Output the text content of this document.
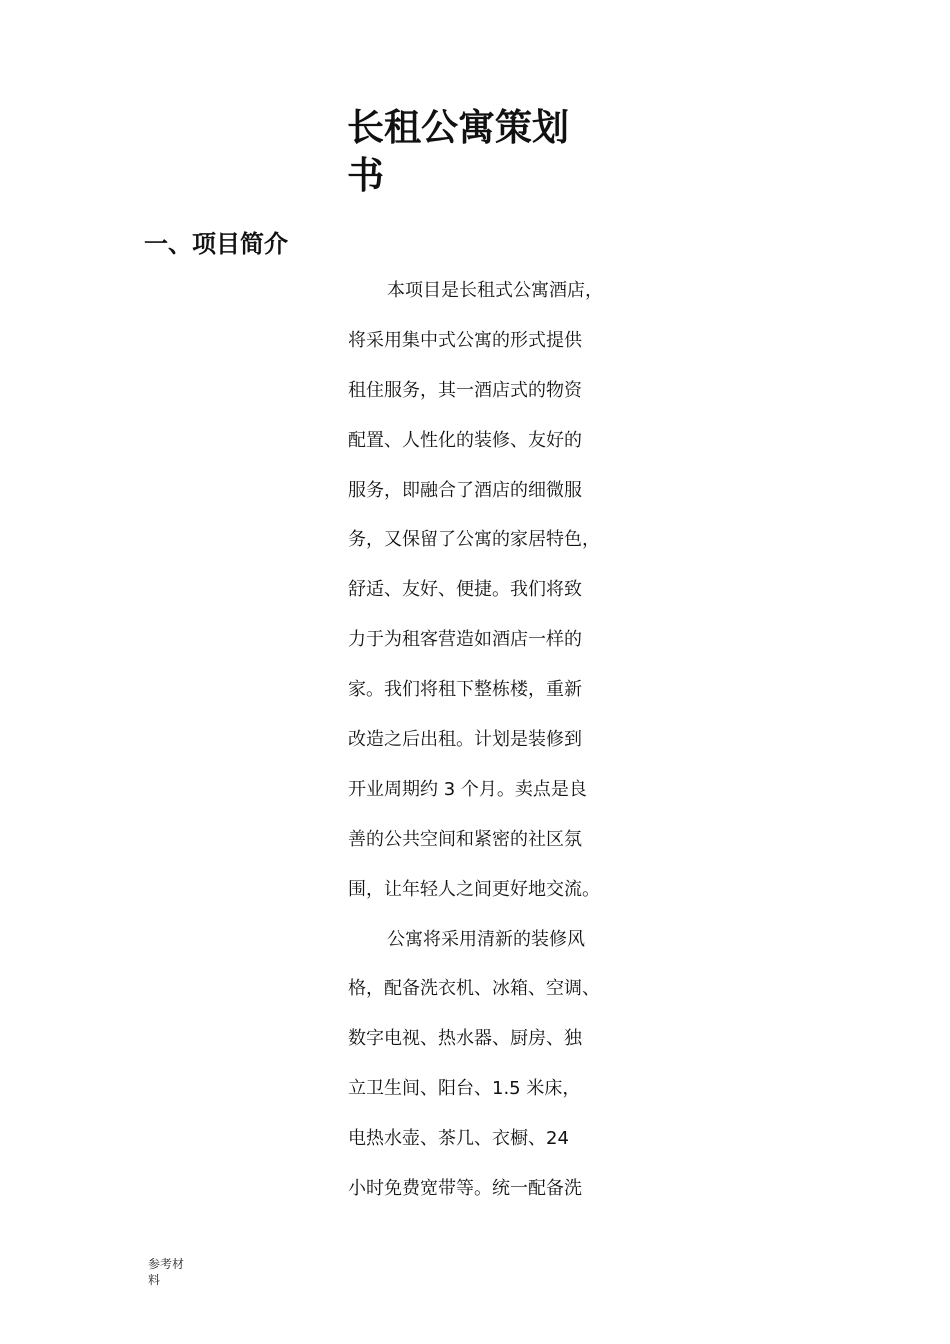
长租公寓策划
书
一、项目简介
本项目是长租式公寓酒店，
将采用集中式公寓的形式提供
租住服务，其一酒店式的物资
配置、人性化的装修、友好的
服务，即融合了酒店的细微服
务，又保留了公寓的家居特色，
舒适、友好、便捷。我们将致
力于为租客营造如酒店一样的
家。我们将租下整栋楼，重新
改造之后出租。计划是装修到
开业周期约 3 个月。卖点是良
善的公共空间和紧密的社区氛
围，让年轻人之间更好地交流。
公寓将采用清新的装修风
格，配备洗衣机、冰箱、空调、
数字电视、热水器、厨房、独
立卫生间、阳台、1.5 米床，
电热水壶、茶几、衣橱、24
小时免费宽带等。统一配备洗
参考材
料
